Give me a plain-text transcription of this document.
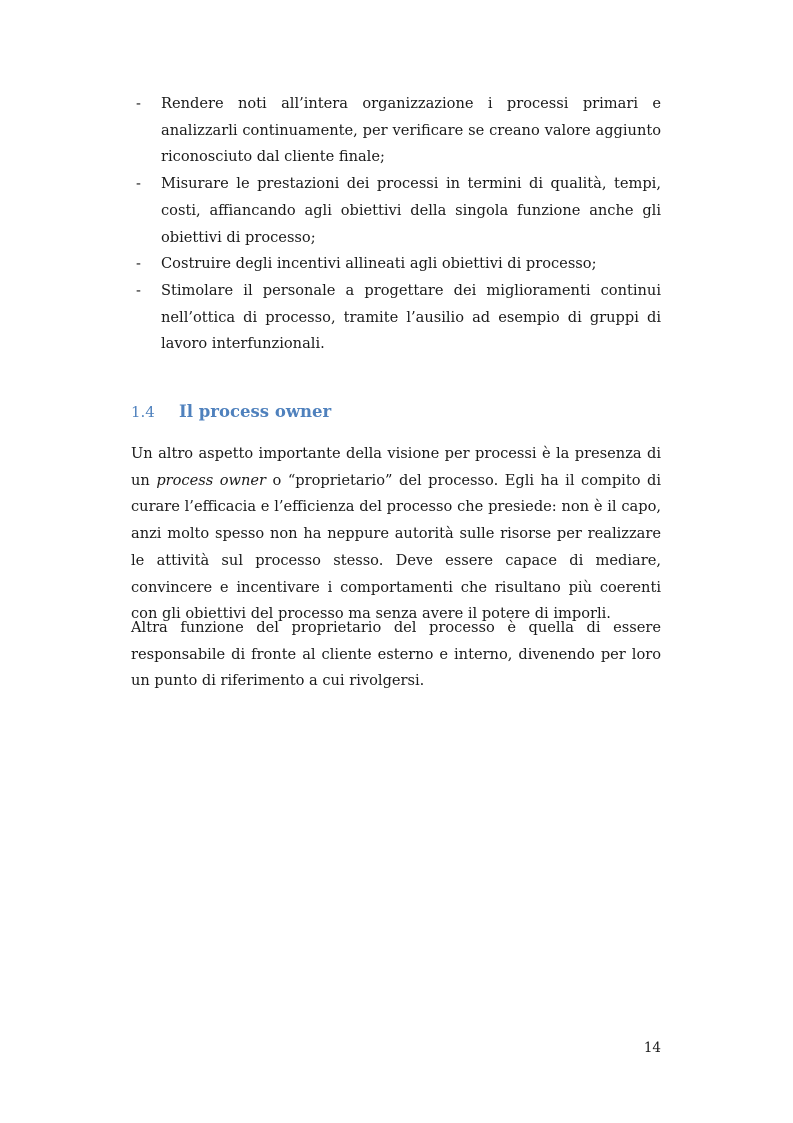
- Rendere noti all’intera organizzazione i processi primari e analizzarli continuamente, per verificare se creano valore aggiunto riconosciuto dal cliente finale;
- Misurare le prestazioni dei processi in termini di qualità, tempi, costi, affiancando agli obiettivi della singola funzione anche gli obiettivi di processo;
- Costruire degli incentivi allineati agli obiettivi di processo;
- Stimolare il personale a progettare dei miglioramenti continui nell’ottica di processo, tramite l’ausilio ad esempio di gruppi di lavoro interfunzionali.
1.4 Il process owner

Un altro aspetto importante della visione per processi è la presenza di un process owner o “proprietario” del processo. Egli ha il compito di curare l’efficacia e l’efficienza del processo che presiede: non è il capo, anzi molto spesso non ha neppure autorità sulle risorse per realizzare le attività sul processo stesso. Deve essere capace di mediare, convincere e incentivare i comportamenti che risultano più coerenti con gli obiettivi del processo ma senza avere il potere di imporli.

Altra funzione del proprietario del processo è quella di essere responsabile di fronte al cliente esterno e interno, divenendo per loro un punto di riferimento a cui rivolgersi.

14
